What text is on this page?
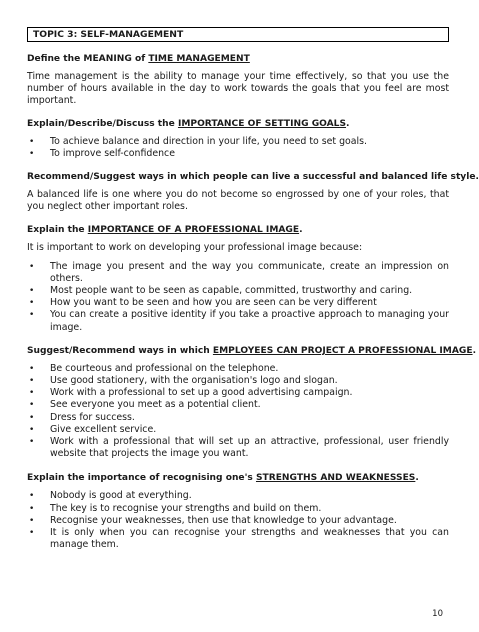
TOPIC 3: SELF-MANAGEMENT
Define the MEANING of TIME MANAGEMENT
Time management is the ability to manage your time effectively, so that you use the number of hours available in the day to work towards the goals that you feel are most important.
Explain/Describe/Discuss the IMPORTANCE OF SETTING GOALS.
• To achieve balance and direction in your life, you need to set goals.
• To improve self-confidence
Recommend/Suggest ways in which people can live a successful and balanced life style.
A balanced life is one where you do not become so engrossed by one of your roles, that you neglect other important roles.
Explain the IMPORTANCE OF A PROFESSIONAL IMAGE.
It is important to work on developing your professional image because:
• The image you present and the way you communicate, create an impression on others.
• Most people want to be seen as capable, committed, trustworthy and caring.
• How you want to be seen and how you are seen can be very different
• You can create a positive identity if you take a proactive approach to managing your image.
Suggest/Recommend ways in which EMPLOYEES CAN PROJECT A PROFESSIONAL IMAGE.
• Be courteous and professional on the telephone.
• Use good stationery, with the organisation's logo and slogan.
• Work with a professional to set up a good advertising campaign.
• See everyone you meet as a potential client.
• Dress for success.
• Give excellent service.
• Work with a professional that will set up an attractive, professional, user friendly website that projects the image you want.
Explain the importance of recognising one's STRENGTHS AND WEAKNESSES.
• Nobody is good at everything.
• The key is to recognise your strengths and build on them.
• Recognise your weaknesses, then use that knowledge to your advantage.
• It is only when you can recognise your strengths and weaknesses that you can manage them.
10
